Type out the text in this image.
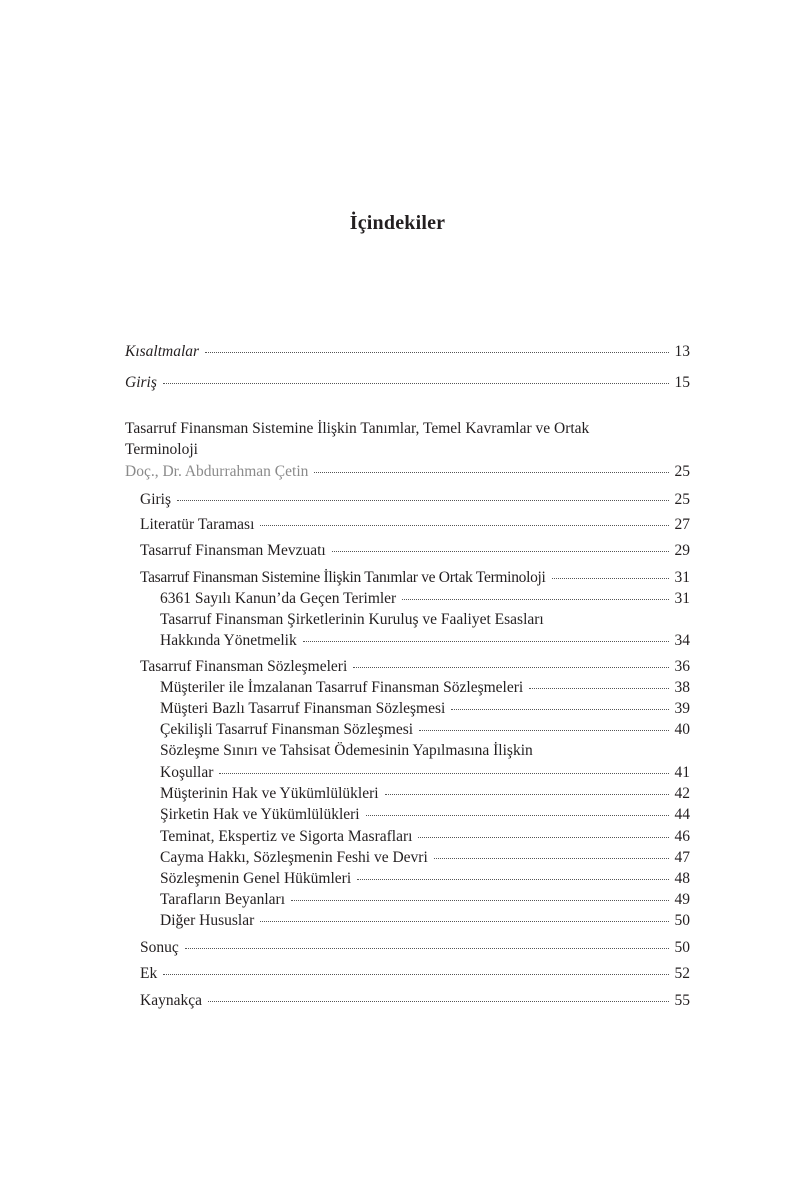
İçindekiler
Kısaltmalar	13
Giriş	15
Tasarruf Finansman Sistemine İlişkin Tanımlar, Temel Kavramlar ve Ortak
Terminoloji
Doç., Dr. Abdurrahman Çetin	25
Giriş	25
Literatür Taraması	27
Tasarruf Finansman Mevzuatı	29
Tasarruf Finansman Sistemine İlişkin Tanımlar ve Ortak Terminoloji	31
6361 Sayılı Kanun’da Geçen Terimler	31
Tasarruf Finansman Şirketlerinin Kuruluş ve Faaliyet Esasları
Hakkında Yönetmelik	34
Tasarruf Finansman Sözleşmeleri	36
Müşteriler ile İmzalanan Tasarruf Finansman Sözleşmeleri	38
Müşteri Bazlı Tasarruf Finansman Sözleşmesi	39
Çekilişli Tasarruf Finansman Sözleşmesi	40
Sözleşme Sınırı ve Tahsisat Ödemesinin Yapılmasına İlişkin
Koşullar	41
Müşterinin Hak ve Yükümlülükleri	42
Şirketin Hak ve Yükümlülükleri	44
Teminat, Ekspertiz ve Sigorta Masrafları	46
Cayma Hakkı, Sözleşmenin Feshi ve Devri	47
Sözleşmenin Genel Hükümleri	48
Tarafların Beyanları	49
Diğer Hususlar	50
Sonuç	50
Ek	52
Kaynakça	55
